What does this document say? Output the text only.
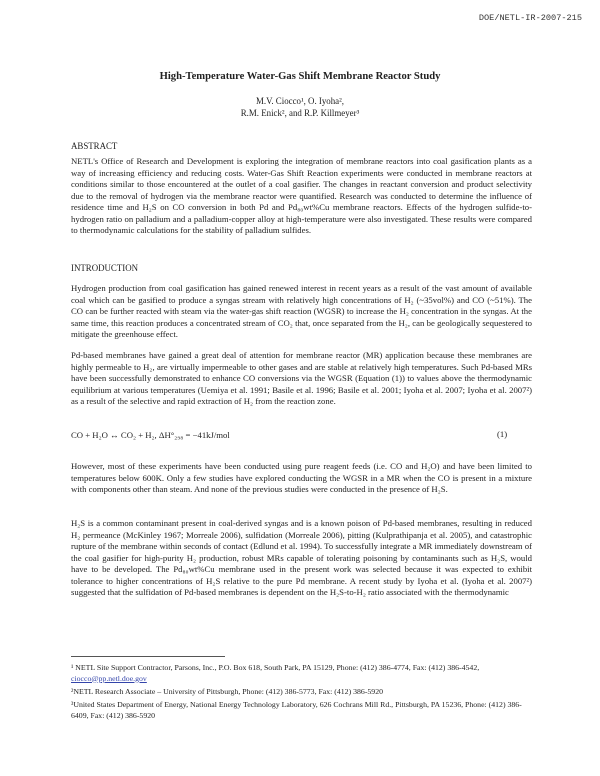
DOE/NETL-IR-2007-215
High-Temperature Water-Gas Shift Membrane Reactor Study
M.V. Ciocco¹, O. Iyoha²,
R.M. Enick², and R.P. Killmeyer³
ABSTRACT
NETL's Office of Research and Development is exploring the integration of membrane reactors into coal gasification plants as a way of increasing efficiency and reducing costs. Water-Gas Shift Reaction experiments were conducted in membrane reactors at conditions similar to those encountered at the outlet of a coal gasifier. The changes in reactant conversion and product selectivity due to the removal of hydrogen via the membrane reactor were quantified. Research was conducted to determine the influence of residence time and H₂S on CO conversion in both Pd and Pd₈₀wt%Cu membrane reactors. Effects of the hydrogen sulfide-to-hydrogen ratio on palladium and a palladium-copper alloy at high-temperature were also investigated. These results were compared to thermodynamic calculations for the stability of palladium sulfides.
INTRODUCTION
Hydrogen production from coal gasification has gained renewed interest in recent years as a result of the vast amount of available coal which can be gasified to produce a syngas stream with relatively high concentrations of H₂ (~35vol%) and CO (~51%). The CO can be further reacted with steam via the water-gas shift reaction (WGSR) to increase the H₂ concentration in the syngas. At the same time, this reaction produces a concentrated stream of CO₂ that, once separated from the H₂, can be geologically sequestered to mitigate the greenhouse effect.
Pd-based membranes have gained a great deal of attention for membrane reactor (MR) application because these membranes are highly permeable to H₂, are virtually impermeable to other gases and are stable at relatively high temperatures. Such Pd-based MRs have been successfully demonstrated to enhance CO conversions via the WGSR (Equation (1)) to values above the thermodynamic equilibrium at various temperatures (Uemiya et al. 1991; Basile et al. 1996; Basile et al. 2001; Iyoha et al. 2007; Iyoha et al. 2007²) as a result of the selective and rapid extraction of H₂ from the reaction zone.
CO + H₂O ↔ CO₂ + H₂, ΔH°₂₉₈ = −41kJ/mol	(1)
However, most of these experiments have been conducted using pure reagent feeds (i.e. CO and H₂O) and have been limited to temperatures below 600K. Only a few studies have explored conducting the WGSR in a MR when the CO is present in a mixture with components other than steam. And none of the previous studies were conducted in the presence of H₂S.
H₂S is a common contaminant present in coal-derived syngas and is a known poison of Pd-based membranes, resulting in reduced H₂ permeance (McKinley 1967; Morreale 2006), sulfidation (Morreale 2006), pitting (Kulprathipanja et al. 2005), and catastrophic rupture of the membrane within seconds of contact (Edlund et al. 1994). To successfully integrate a MR immediately downstream of the coal gasifier for high-purity H₂ production, robust MRs capable of tolerating poisoning by contaminants such as H₂S, would have to be developed. The Pd₈₀wt%Cu membrane used in the present work was selected because it was expected to exhibit tolerance to higher concentrations of H₂S relative to the pure Pd membrane. A recent study by Iyoha et al. (Iyoha et al. 2007²) suggested that the sulfidation of Pd-based membranes is dependent on the H₂S-to-H₂ ratio associated with the thermodynamic
¹ NETL Site Support Contractor, Parsons, Inc., P.O. Box 618, South Park, PA 15129, Phone: (412) 386-4774, Fax: (412) 386-4542, ciocco@pp.netl.doe.gov
²NETL Research Associate – University of Pittsburgh, Phone: (412) 386-5773, Fax: (412) 386-5920
³United States Department of Energy, National Energy Technology Laboratory, 626 Cochrans Mill Rd., Pittsburgh, PA 15236, Phone: (412) 386-6409, Fax: (412) 386-5920
